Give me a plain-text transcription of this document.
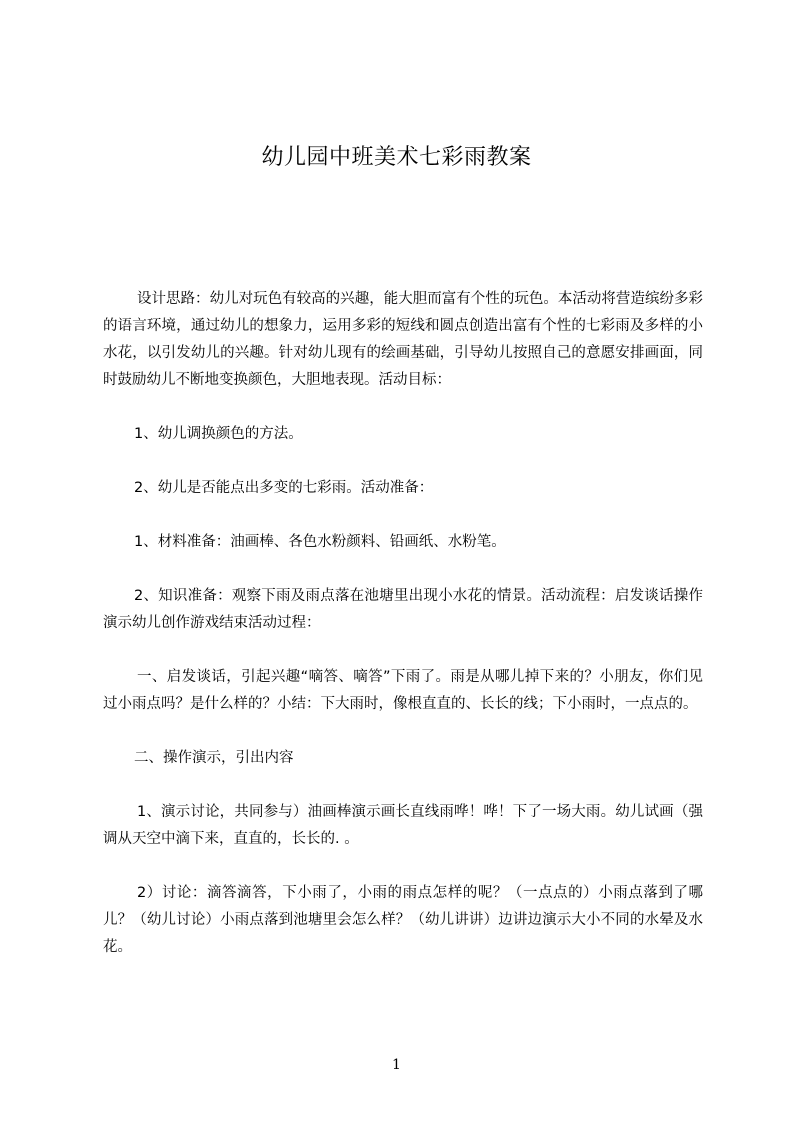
幼儿园中班美术七彩雨教案

设计思路：幼儿对玩色有较高的兴趣，能大胆而富有个性的玩色。本活动将营造缤纷多彩的语言环境，通过幼儿的想象力，运用多彩的短线和圆点创造出富有个性的七彩雨及多样的小水花，以引发幼儿的兴趣。针对幼儿现有的绘画基础，引导幼儿按照自己的意愿安排画面，同时鼓励幼儿不断地变换颜色，大胆地表现。活动目标：

1、幼儿调换颜色的方法。

2、幼儿是否能点出多变的七彩雨。活动准备：

1、材料准备：油画棒、各色水粉颜料、铅画纸、水粉笔。

2、知识准备：观察下雨及雨点落在池塘里出现小水花的情景。活动流程：启发谈话操作演示幼儿创作游戏结束活动过程：

一、启发谈话，引起兴趣“嘀答、嘀答”下雨了。雨是从哪儿掉下来的？小朋友，你们见过小雨点吗？是什么样的？小结：下大雨时，像根直直的、长长的线；下小雨时，一点点的。

二、操作演示，引出内容

1、演示讨论，共同参与）油画棒演示画长直线雨哗！哗！下了一场大雨。幼儿试画（强调从天空中滴下来，直直的，长长的. 。

2）讨论：滴答滴答，下小雨了，小雨的雨点怎样的呢？（一点点的）小雨点落到了哪儿？（幼儿讨论）小雨点落到池塘里会怎么样？（幼儿讲讲）边讲边演示大小不同的水晕及水花。

1
